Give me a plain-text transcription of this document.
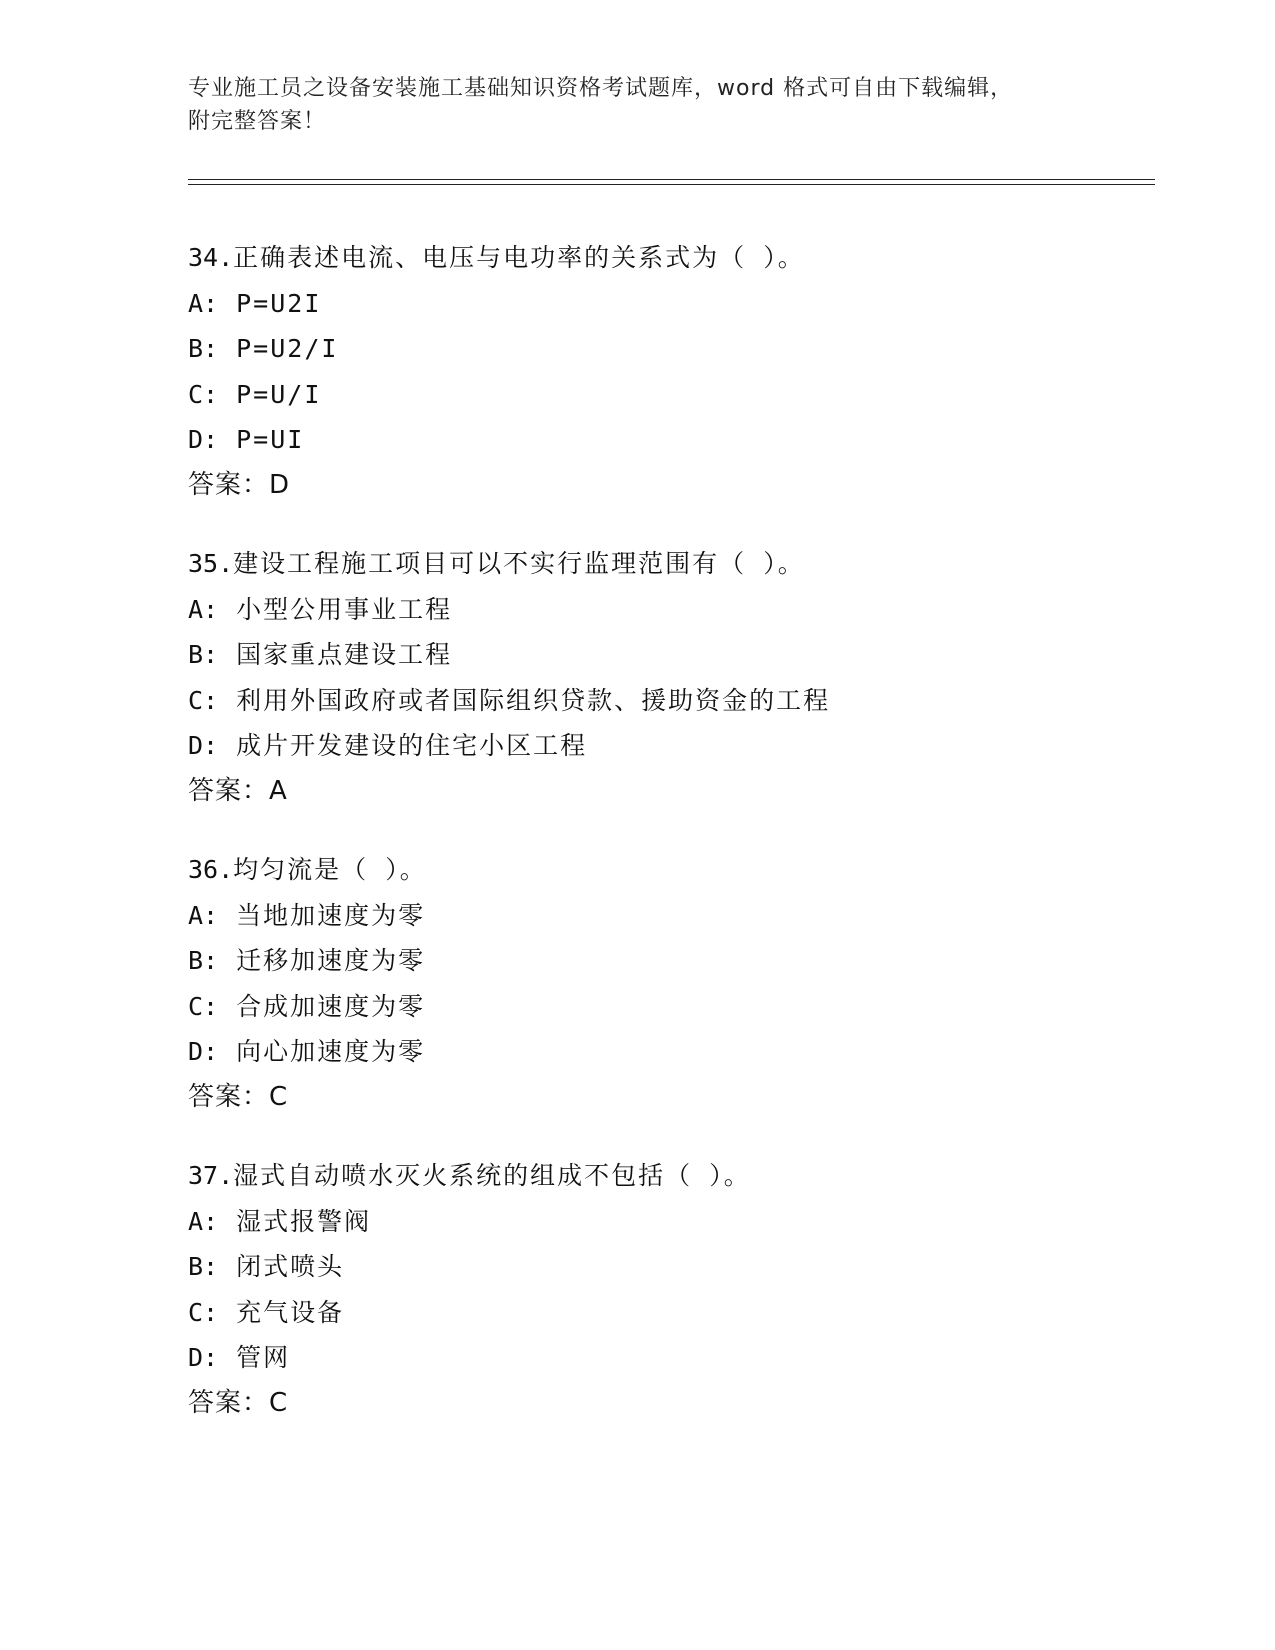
专业施工员之设备安装施工基础知识资格考试题库，word 格式可自由下载编辑，
附完整答案！
34.正确表述电流、电压与电功率的关系式为（ ）。
A: P=U2I
B: P=U2/I
C: P=U/I
D: P=UI
答案：D
35.建设工程施工项目可以不实行监理范围有（ ）。
A: 小型公用事业工程
B: 国家重点建设工程
C: 利用外国政府或者国际组织贷款、援助资金的工程
D: 成片开发建设的住宅小区工程
答案：A
36.均匀流是（ ）。
A: 当地加速度为零
B: 迁移加速度为零
C: 合成加速度为零
D: 向心加速度为零
答案：C
37.湿式自动喷水灭火系统的组成不包括（ ）。
A: 湿式报警阀
B: 闭式喷头
C: 充气设备
D: 管网
答案：C
